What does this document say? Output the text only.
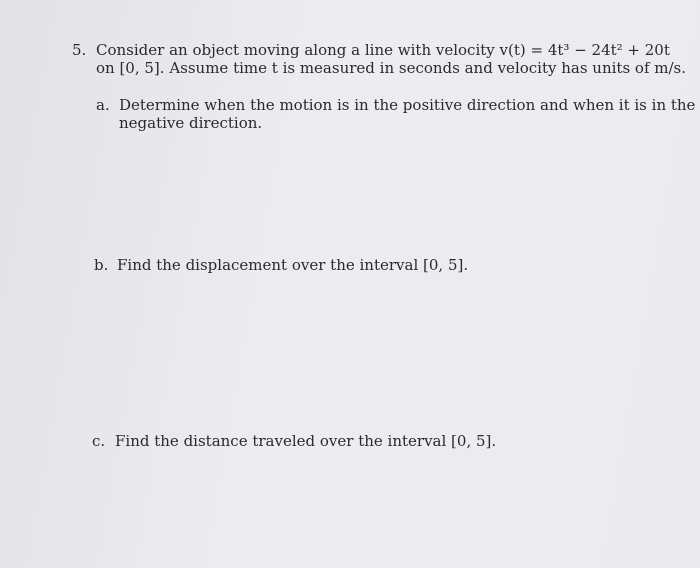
5. Consider an object moving along a line with velocity v(t) = 4t³ − 24t² + 20t
on [0, 5]. Assume time t is measured in seconds and velocity has units of m/s.
a. Determine when the motion is in the positive direction and when it is in the
negative direction.
b. Find the displacement over the interval [0, 5].
c. Find the distance traveled over the interval [0, 5].
